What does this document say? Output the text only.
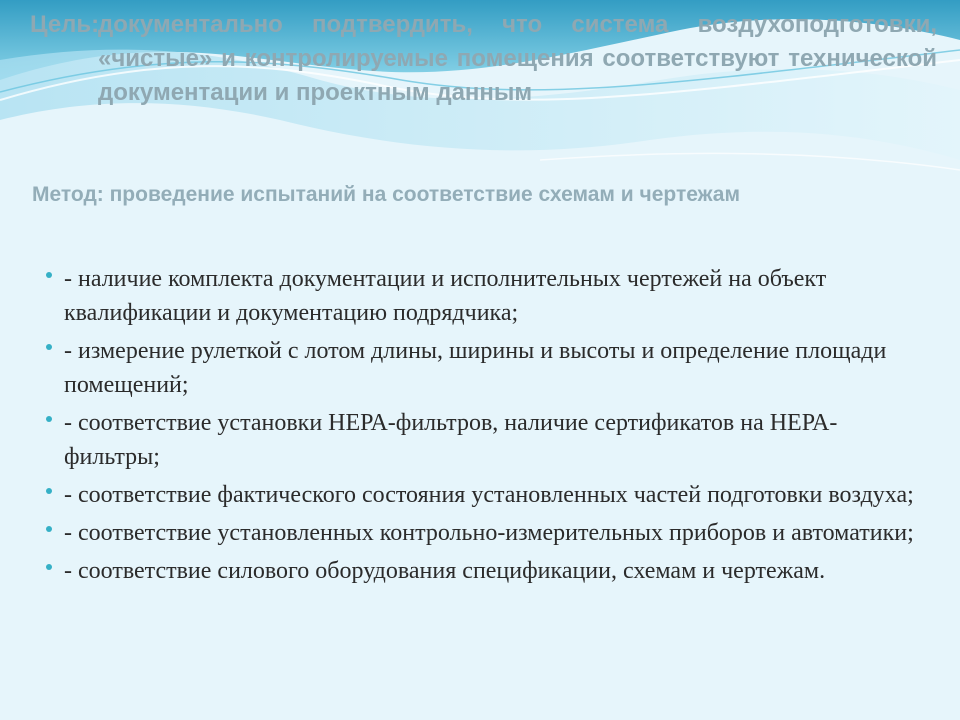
Цель:
документально подтвердить, что система воздухоподготовки, «чистые» и контролируемые помещения соответствуют технической документации и проектным данным

Метод: проведение испытаний на соответствие схемам и чертежам

- наличие комплекта документации и исполнительных чертежей на объект квалификации и документацию подрядчика;
- измерение рулеткой с лотом длины, ширины и высоты и определение площади помещений;
- соответствие установки НЕРА-фильтров, наличие сертификатов на НЕРА-фильтры;
- соответствие фактического состояния установленных частей подготовки воздуха;
- соответствие установленных контрольно-измерительных приборов и автоматики;
- соответствие силового оборудования спецификации, схемам и чертежам.
